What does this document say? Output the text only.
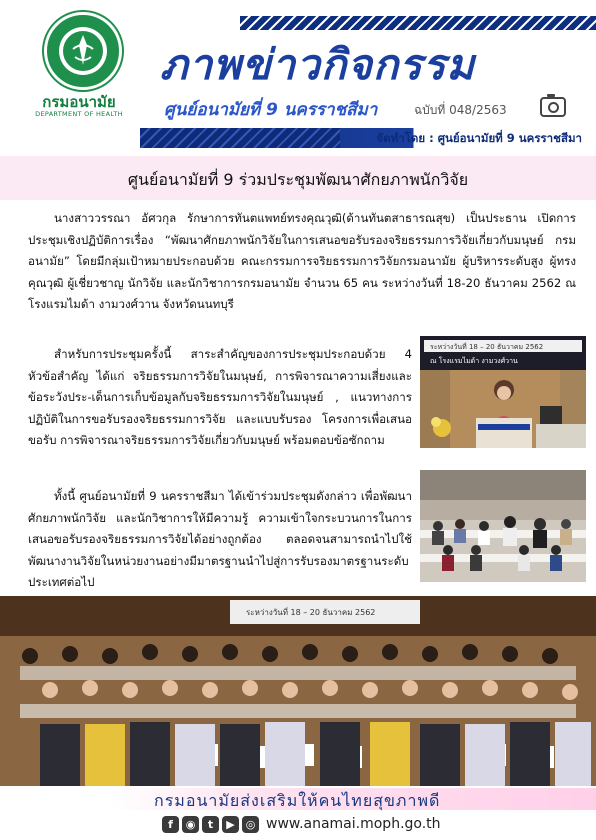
กรมอนามัย
DEPARTMENT OF HEALTH
ภาพข่าวกิจกรรม
ศูนย์อนามัยที่ 9 นครราชสีมา	ฉบับที่ 048/2563
จัดทำโดย : ศูนย์อนามัยที่ 9 นครราชสีมา
ศูนย์อนามัยที่ 9 ร่วมประชุมพัฒนาศักยภาพนักวิจัย
นางสาววรรณา อัศวกุล รักษาการทันตแพทย์ทรงคุณวุฒิ(ด้านทันตสาธารณสุข) เป็นประธาน เปิดการประชุมเชิงปฏิบัติการเรื่อง “พัฒนาศักยภาพนักวิจัยในการเสนอขอรับรองจริยธรรมการวิจัยเกี่ยวกับมนุษย์ กรมอนามัย” โดยมีกลุ่มเป้าหมายประกอบด้วย คณะกรรมการจริยธรรมการวิจัยกรมอนามัย ผู้บริหารระดับสูง ผู้ทรงคุณวุฒิ ผู้เชี่ยวชาญ นักวิจัย และนักวิชาการกรมอนามัย จำนวน 65 คน ระหว่างวันที่ 18-20 ธันวาคม 2562 ณ โรงแรมไมด้า งามวงศ์วาน จังหวัดนนทบุรี
สำหรับการประชุมครั้งนี้ สาระสำคัญของการประชุมประกอบด้วย 4 หัวข้อสำคัญ ได้แก่ จริยธรรมการวิจัยในมนุษย์, การพิจารณาความเสี่ยงและข้อระวังประ-เด็นการเก็บข้อมูลกับจริยธรรมการวิจัยในมนุษย์ , แนวทางการปฏิบัติในการขอรับรองจริยธรรมการวิจัย และแบบรับรอง โครงการเพื่อเสนอขอรับ การพิจารณาจริยธรรมการวิจัยเกี่ยวกับมนุษย์ พร้อมตอบข้อซักถาม
ทั้งนี้ ศูนย์อนามัยที่ 9 นครราชสีมา ได้เข้าร่วมประชุมดังกล่าว เพื่อพัฒนาศักยภาพนักวิจัย และนักวิชาการให้มีความรู้ ความเข้าใจกระบวนการในการเสนอขอรับรองจริยธรรมการวิจัยได้อย่างถูกต้อง ตลอดจนสามารถนำไปใช้พัฒนางานวิจัยในหน่วยงานอย่างมีมาตรฐานนำไปสู่การรับรองมาตรฐานระดับประเทศต่อไป
ระหว่างวันที่ 18 – 20 ธันวาคม 2562
ณ โรงแรมไมด้า งามวงศ์วาน
ระหว่างวันที่ 18 – 20 ธันวาคม 2562
กรมอนามัยส่งเสริมให้คนไทยสุขภาพดี
f	◉	t	▶ ◎ www.anamai.moph.go.th
